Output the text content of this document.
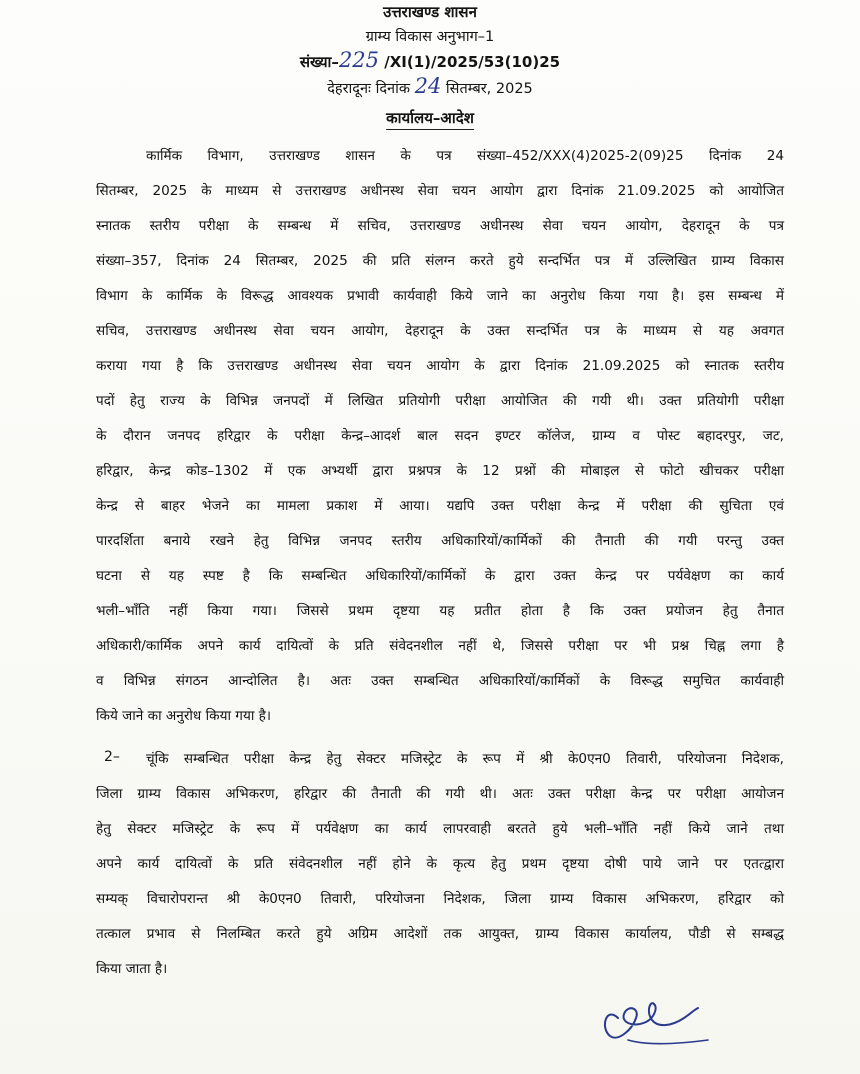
उत्तराखण्ड शासन
ग्राम्य विकास अनुभाग–1
संख्या–225 /XI(1)/2025/53(10)25
देहरादूनः दिनांक 24 सितम्बर, 2025
कार्यालय–आदेश
कार्मिक विभाग, उत्तराखण्ड शासन के पत्र संख्या–452/XXX(4)2025-2(09)25 दिनांक 24
सितम्बर, 2025 के माध्यम से उत्तराखण्ड अधीनस्थ सेवा चयन आयोग द्वारा दिनांक 21.09.2025 को आयोजित
स्नातक स्तरीय परीक्षा के सम्बन्ध में सचिव, उत्तराखण्ड अधीनस्थ सेवा चयन आयोग, देहरादून के पत्र
संख्या–357, दिनांक 24 सितम्बर, 2025 की प्रति संलग्न करते हुये सन्दर्भित पत्र में उल्लिखित ग्राम्य विकास
विभाग के कार्मिक के विरूद्ध आवश्यक प्रभावी कार्यवाही किये जाने का अनुरोध किया गया है। इस सम्बन्ध में
सचिव, उत्तराखण्ड अधीनस्थ सेवा चयन आयोग, देहरादून के उक्त सन्दर्भित पत्र के माध्यम से यह अवगत
कराया गया है कि उत्तराखण्ड अधीनस्थ सेवा चयन आयोग के द्वारा दिनांक 21.09.2025 को स्नातक स्तरीय
पदों हेतु राज्य के विभिन्न जनपदों में लिखित प्रतियोगी परीक्षा आयोजित की गयी थी। उक्त प्रतियोगी परीक्षा
के दौरान जनपद हरिद्वार के परीक्षा केन्द्र–आदर्श बाल सदन इण्टर कॉलेज, ग्राम्य व पोस्ट बहादरपुर, जट,
हरिद्वार, केन्द्र कोड–1302 में एक अभ्यर्थी द्वारा प्रश्नपत्र के 12 प्रश्नों की मोबाइल से फोटो खीचकर परीक्षा
केन्द्र से बाहर भेजने का मामला प्रकाश में आया। यद्यपि उक्त परीक्षा केन्द्र में परीक्षा की सुचिता एवं
पारदर्शिता बनाये रखने हेतु विभिन्न जनपद स्तरीय अधिकारियों/कार्मिकों की तैनाती की गयी परन्तु उक्त
घटना से यह स्पष्ट है कि सम्बन्धित अधिकारियों/कार्मिकों के द्वारा उक्त केन्द्र पर पर्यवेक्षण का कार्य
भली–भाँति नहीं किया गया। जिससे प्रथम दृष्टया यह प्रतीत होता है कि उक्त प्रयोजन हेतु तैनात
अधिकारी/कार्मिक अपने कार्य दायित्वों के प्रति संवेदनशील नहीं थे, जिससे परीक्षा पर भी प्रश्न चिह्न लगा है
व विभिन्न संगठन आन्दोलित है। अतः उक्त सम्बन्धित अधिकारियों/कार्मिकों के विरूद्ध समुचित कार्यवाही
किये जाने का अनुरोध किया गया है।
2– चूंकि सम्बन्धित परीक्षा केन्द्र हेतु सेक्टर मजिस्ट्रेट के रूप में श्री के0एन0 तिवारी, परियोजना निदेशक,
जिला ग्राम्य विकास अभिकरण, हरिद्वार की तैनाती की गयी थी। अतः उक्त परीक्षा केन्द्र पर परीक्षा आयोजन
हेतु सेक्टर मजिस्ट्रेट के रूप में पर्यवेक्षण का कार्य लापरवाही बरतते हुये भली–भाँति नहीं किये जाने तथा
अपने कार्य दायित्वों के प्रति संवेदनशील नहीं होने के कृत्य हेतु प्रथम दृष्टया दोषी पाये जाने पर एतत्द्वारा
सम्यक् विचारोपरान्त श्री के0एन0 तिवारी, परियोजना निदेशक, जिला ग्राम्य विकास अभिकरण, हरिद्वार को
तत्काल प्रभाव से निलम्बित करते हुये अग्रिम आदेशों तक आयुक्त, ग्राम्य विकास कार्यालय, पौडी से सम्बद्ध
किया जाता है।
